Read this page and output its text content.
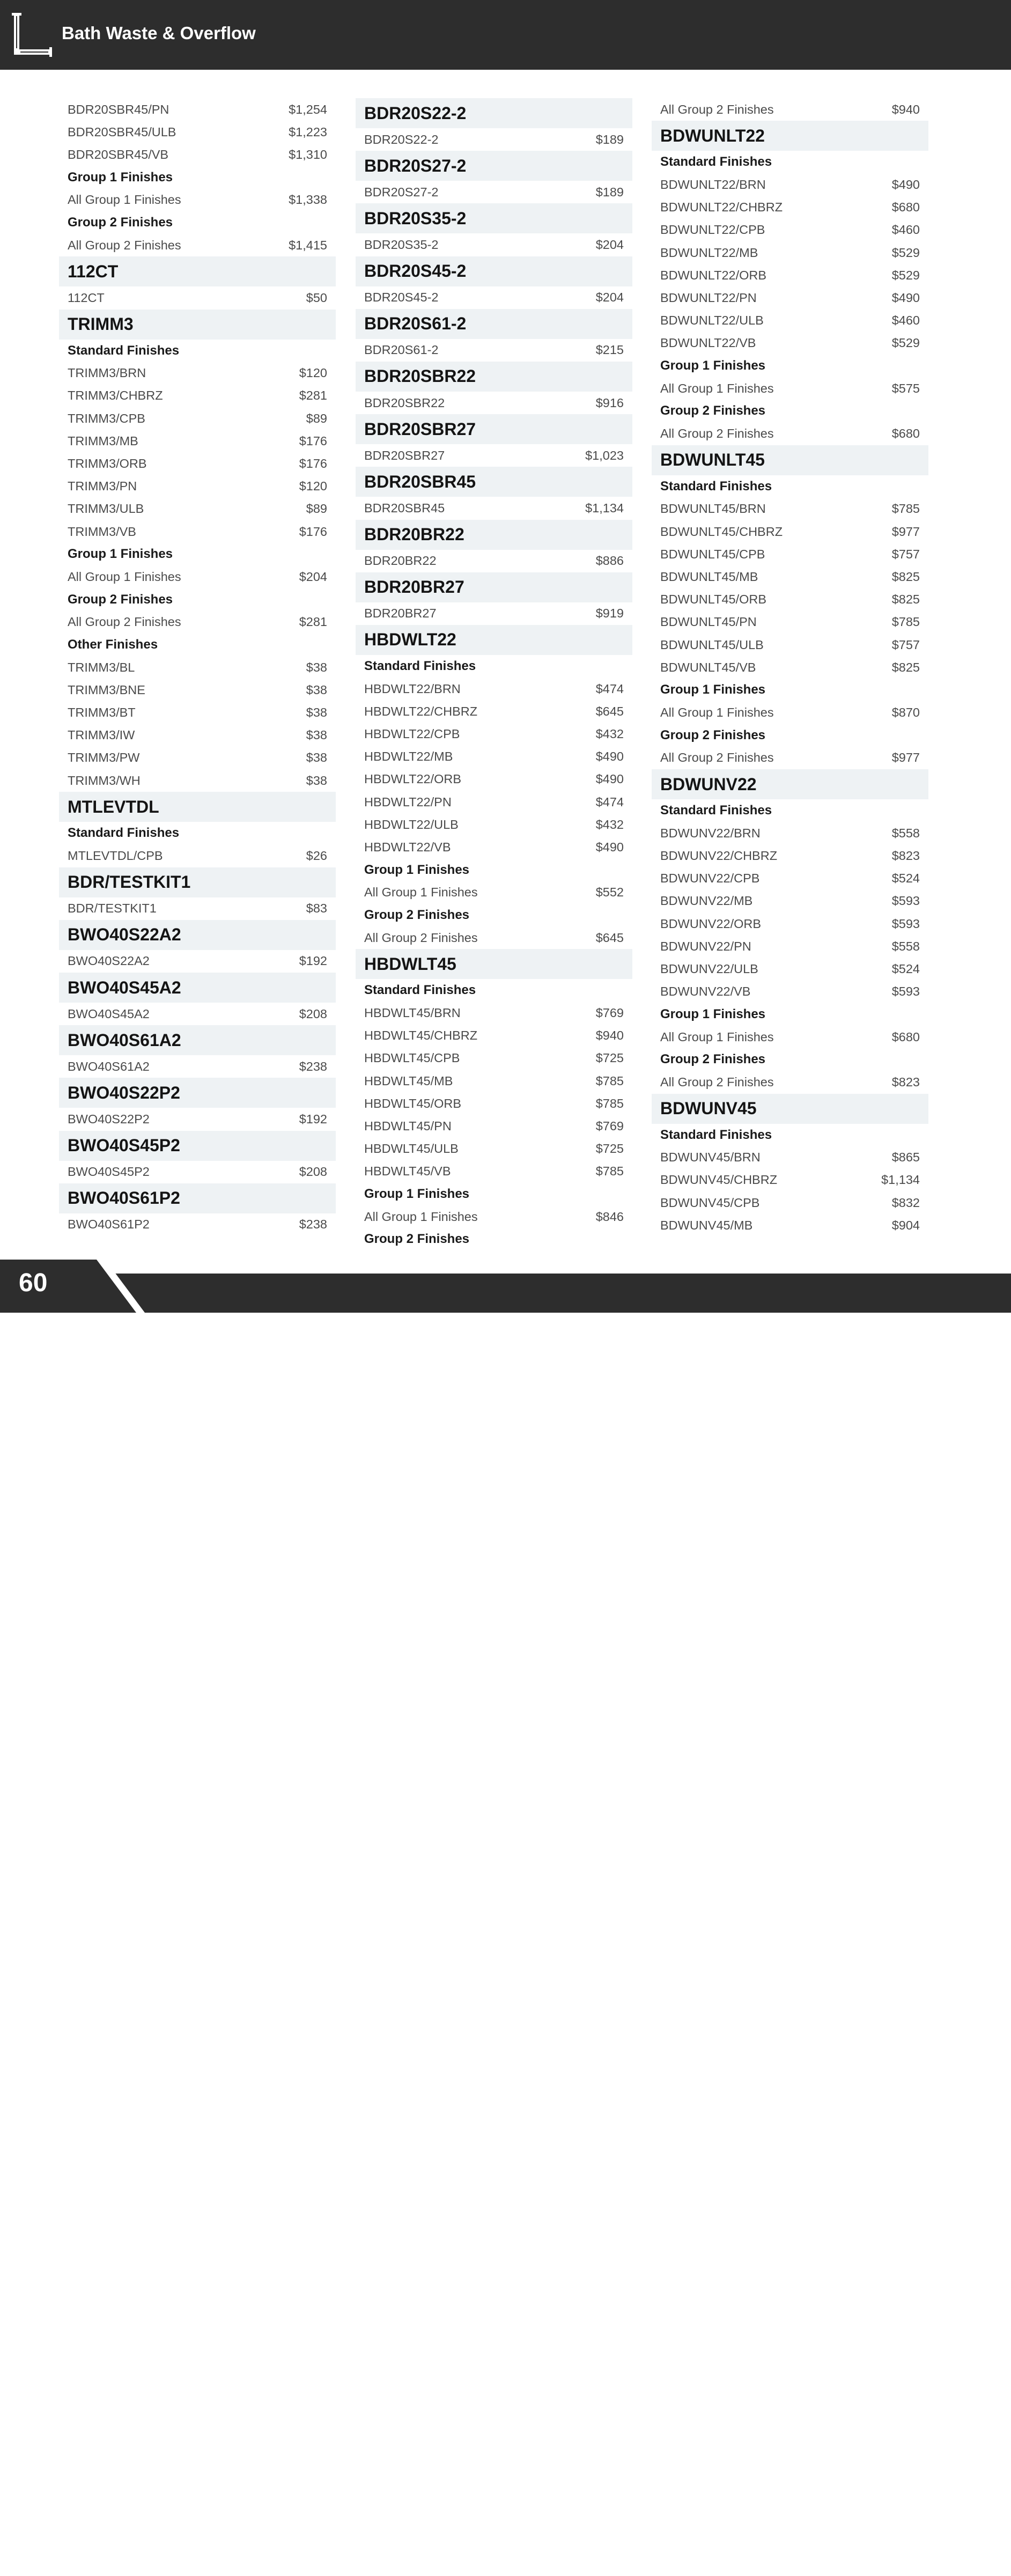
Bath Waste & Overflow
BDR20SBR45/PN	$1,254
BDR20SBR45/ULB	$1,223
BDR20SBR45/VB	$1,310
Group 1 Finishes
All Group 1 Finishes	$1,338
Group 2 Finishes
All Group 2 Finishes	$1,415
112CT
112CT	$50
TRIMM3
Standard Finishes
TRIMM3/BRN	$120
TRIMM3/CHBRZ	$281
TRIMM3/CPB	$89
TRIMM3/MB	$176
TRIMM3/ORB	$176
TRIMM3/PN	$120
TRIMM3/ULB	$89
TRIMM3/VB	$176
Group 1 Finishes
All Group 1 Finishes	$204
Group 2 Finishes
All Group 2 Finishes	$281
Other Finishes
TRIMM3/BL	$38
TRIMM3/BNE	$38
TRIMM3/BT	$38
TRIMM3/IW	$38
TRIMM3/PW	$38
TRIMM3/WH	$38
MTLEVTDL
Standard Finishes
MTLEVTDL/CPB	$26
BDR/TESTKIT1
BDR/TESTKIT1	$83
BWO40S22A2
BWO40S22A2	$192
BWO40S45A2
BWO40S45A2	$208
BWO40S61A2
BWO40S61A2	$238
BWO40S22P2
BWO40S22P2	$192
BWO40S45P2
BWO40S45P2	$208
BWO40S61P2
BWO40S61P2	$238
BDR20S22-2
BDR20S22-2	$189
BDR20S27-2
BDR20S27-2	$189
BDR20S35-2
BDR20S35-2	$204
BDR20S45-2
BDR20S45-2	$204
BDR20S61-2
BDR20S61-2	$215
BDR20SBR22
BDR20SBR22	$916
BDR20SBR27
BDR20SBR27	$1,023
BDR20SBR45
BDR20SBR45	$1,134
BDR20BR22
BDR20BR22	$886
BDR20BR27
BDR20BR27	$919
HBDWLT22
Standard Finishes
HBDWLT22/BRN	$474
HBDWLT22/CHBRZ	$645
HBDWLT22/CPB	$432
HBDWLT22/MB	$490
HBDWLT22/ORB	$490
HBDWLT22/PN	$474
HBDWLT22/ULB	$432
HBDWLT22/VB	$490
Group 1 Finishes
All Group 1 Finishes	$552
Group 2 Finishes
All Group 2 Finishes	$645
HBDWLT45
Standard Finishes
HBDWLT45/BRN	$769
HBDWLT45/CHBRZ	$940
HBDWLT45/CPB	$725
HBDWLT45/MB	$785
HBDWLT45/ORB	$785
HBDWLT45/PN	$769
HBDWLT45/ULB	$725
HBDWLT45/VB	$785
Group 1 Finishes
All Group 1 Finishes	$846
Group 2 Finishes
All Group 2 Finishes	$940
BDWUNLT22
Standard Finishes
BDWUNLT22/BRN	$490
BDWUNLT22/CHBRZ	$680
BDWUNLT22/CPB	$460
BDWUNLT22/MB	$529
BDWUNLT22/ORB	$529
BDWUNLT22/PN	$490
BDWUNLT22/ULB	$460
BDWUNLT22/VB	$529
Group 1 Finishes
All Group 1 Finishes	$575
Group 2 Finishes
All Group 2 Finishes	$680
BDWUNLT45
Standard Finishes
BDWUNLT45/BRN	$785
BDWUNLT45/CHBRZ	$977
BDWUNLT45/CPB	$757
BDWUNLT45/MB	$825
BDWUNLT45/ORB	$825
BDWUNLT45/PN	$785
BDWUNLT45/ULB	$757
BDWUNLT45/VB	$825
Group 1 Finishes
All Group 1 Finishes	$870
Group 2 Finishes
All Group 2 Finishes	$977
BDWUNV22
Standard Finishes
BDWUNV22/BRN	$558
BDWUNV22/CHBRZ	$823
BDWUNV22/CPB	$524
BDWUNV22/MB	$593
BDWUNV22/ORB	$593
BDWUNV22/PN	$558
BDWUNV22/ULB	$524
BDWUNV22/VB	$593
Group 1 Finishes
All Group 1 Finishes	$680
Group 2 Finishes
All Group 2 Finishes	$823
BDWUNV45
Standard Finishes
BDWUNV45/BRN	$865
BDWUNV45/CHBRZ	$1,134
BDWUNV45/CPB	$832
BDWUNV45/MB	$904
Phone: 972.456.3273 Fax: 972.456.2719 orders@mountainplumbing.com
60
